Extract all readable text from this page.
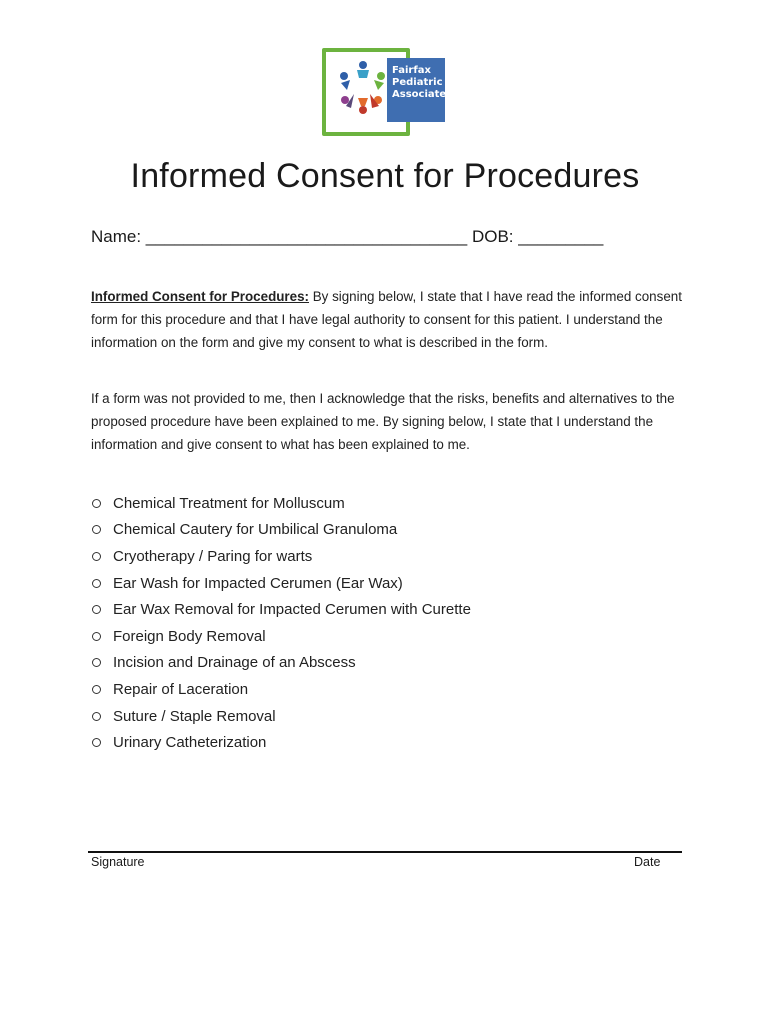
Fairfax
Pediatric
Associates
Informed Consent for Procedures
Name: __________________________________ DOB: _________

Informed Consent for Procedures: By signing below, I state that I have read the informed consent form for this procedure and that I have legal authority to consent for this patient. I understand the information on the form and give my consent to what is described in the form.

If a form was not provided to me, then I acknowledge that the risks, benefits and alternatives to the proposed procedure have been explained to me. By signing below, I state that I understand the information and give consent to what has been explained to me.

Chemical Treatment for Molluscum
Chemical Cautery for Umbilical Granuloma
Cryotherapy / Paring for warts
Ear Wash for Impacted Cerumen (Ear Wax)
Ear Wax Removal for Impacted Cerumen with Curette
Foreign Body Removal
Incision and Drainage of an Abscess
Repair of Laceration
Suture / Staple Removal
Urinary Catheterization
Signature	Date
